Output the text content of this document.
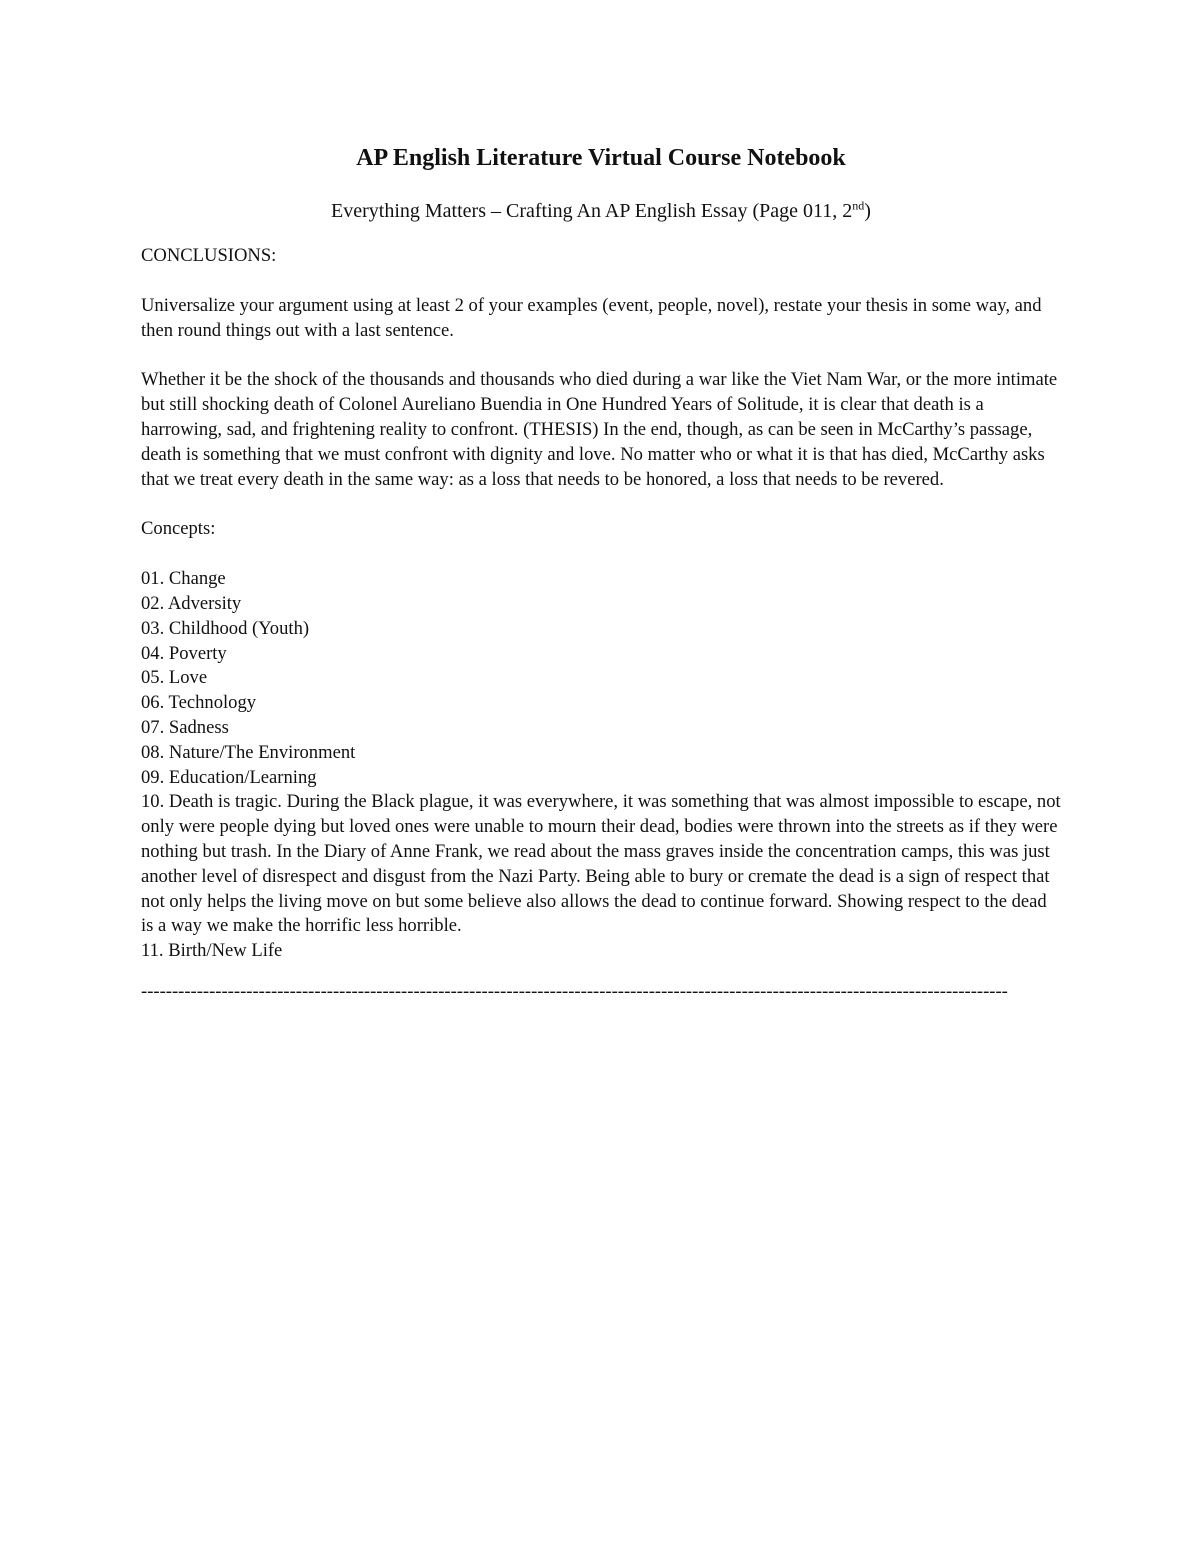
AP English Literature Virtual Course Notebook

Everything Matters – Crafting An AP English Essay (Page 011, 2nd)

CONCLUSIONS:

Universalize your argument using at least 2 of your examples (event, people, novel), restate your thesis in some way, and then round things out with a last sentence.

Whether it be the shock of the thousands and thousands who died during a war like the Viet Nam War, or the more intimate but still shocking death of Colonel Aureliano Buendia in One Hundred Years of Solitude, it is clear that death is a harrowing, sad, and frightening reality to confront. (THESIS) In the end, though, as can be seen in McCarthy’s passage, death is something that we must confront with dignity and love. No matter who or what it is that has died, McCarthy asks that we treat every death in the same way: as a loss that needs to be honored, a loss that needs to be revered.

Concepts:

01. Change
02. Adversity
03. Childhood (Youth)
04. Poverty
05. Love
06. Technology
07. Sadness
08. Nature/The Environment
09. Education/Learning
10. Death is tragic. During the Black plague, it was everywhere, it was something that was almost impossible to escape, not only were people dying but loved ones were unable to mourn their dead, bodies were thrown into the streets as if they were nothing but trash. In the Diary of Anne Frank, we read about the mass graves inside the concentration camps, this was just another level of disrespect and disgust from the Nazi Party. Being able to bury or cremate the dead is a sign of respect that not only helps the living move on but some believe also allows the dead to continue forward. Showing respect to the dead is a way we make the horrific less horrible.
11. Birth/New Life
--------------------------------------------------------------------------------------------------------------------------------------------
